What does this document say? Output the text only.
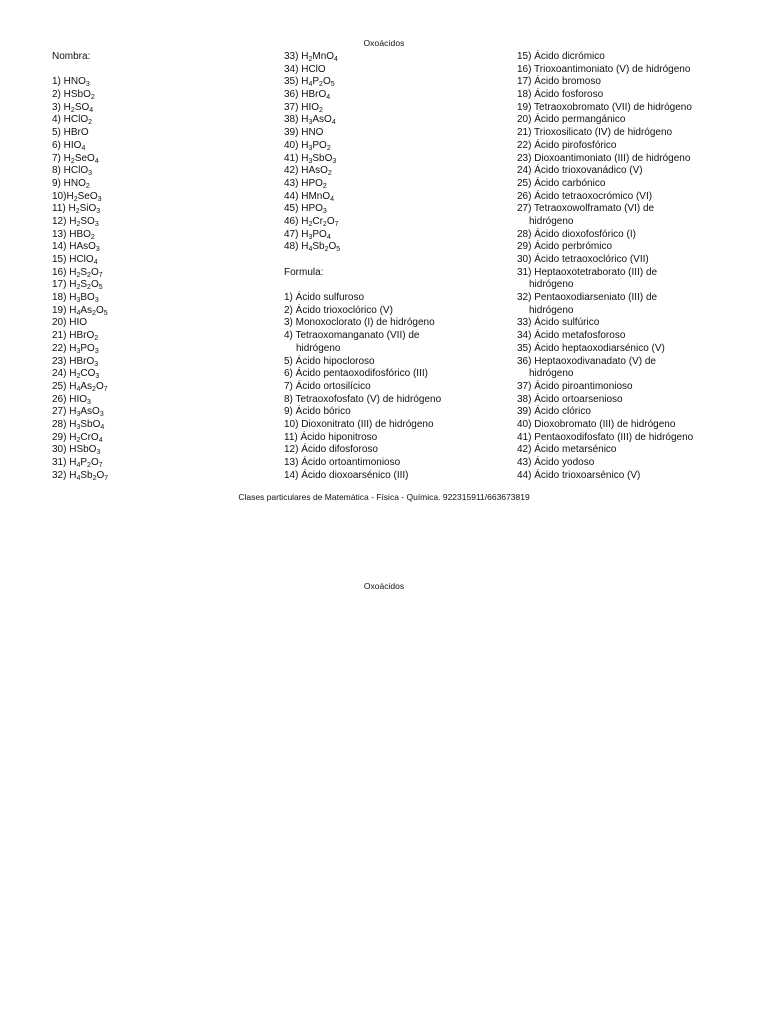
Oxoácidos
Nombra:
1) $HNO_3$
2) HSbO$_2$
3) $H_2SO_4$
4) HClO$_2$
5) HBrO
6) $HIO_4$
7) $H_2SeO_4$
8) HClO$_3$
9) $HNO_2$
$10)H_2SeO_3$
11) $H_2SiO_3$
12) $H_2SO_3$
13) $HBO_2$
14) HAsO$_3$
15) HClO$_4$
16) $H_2S_2O_7$
17) $H_2S_2O_5$
18) $H_3BO_3$
19) $H_4As_2O_5$
20) HIO
21) HBrO$_2$
22) $H_3PO_3$
23) HBrO$_3$
24) $H_2CO_3$
25) $H_4As_2O_7$
26) $HIO_3$
27) $H_3AsO_3$
28) $H_3SbO_4$
29) $H_2CrO_4$
30) HSbO$_3$
31) $H_4P_2O_7$
32) $H_4Sb_2O_7$
33) $H_2MnO_4$
34) HClO
35) $H_4P_2O_5$
36) HBrO$_4$
37) $HIO_2$
38) $H_3AsO_4$
39) HNO
40) $H_3PO_2$
41) $H_3SbO_3$
42) HAsO$_2$
43) $HPO_2$
44) HMnO$_4$
45) $HPO_3$
46) $H_2Cr_2O_7$
47) $H_3PO_4$
48) $H_4Sb_2O_5$
Formula:
1) Ácido sulfuroso
2) Ácido trioxoclórico (V)
3) Monoxoclorato (I) de hidrógeno
4) Tetraoxomanganato (VII) de
hidrógeno
5) Ácido hipocloroso
6) Ácido pentaoxodifosfórico (III)
7) Ácido ortosilícico
8) Tetraoxofosfato (V) de hidrógeno
9) Ácido bórico
10) Dioxonitrato (III) de hidrógeno
11) Ácido hiponitroso
12) Ácido difosforoso
13) Ácido ortoantimonioso
14) Ácido dioxoarsénico (III)
15) Ácido dicrómico
16) Trioxoantimoniato (V) de hidrógeno
17) Ácido bromoso
18) Ácido fosforoso
19) Tetraoxobromato (VII) de hidrógeno
20) Ácido permangánico
21) Trioxosilicato (IV) de hidrógeno
22) Ácido pirofosfórico
23) Dioxoantimoniato (III) de hidrógeno
24) Ácido trioxovanádico (V)
25) Ácido carbónico
26) Ácido tetraoxocrómico (VI)
27) Tetraoxowolframato (VI) de
hidrógeno
28) Ácido dioxofosfórico (I)
29) Ácido perbrómico
30) Ácido tetraoxoclórico (VII)
31) Heptaoxotetraborato (III) de
hidrógeno
32) Pentaoxodiarseniato (III) de
hidrógeno
33) Ácido sulfúrico
34) Ácido metafosforoso
35) Ácido heptaoxodiarsénico (V)
36) Heptaoxodivanadato (V) de
hidrógeno
37) Ácido piroantimonioso
38) Ácido ortoarsenioso
39) Ácido clórico
40) Dioxobromato (III) de hidrógeno
41) Pentaoxodifosfato (III) de hidrógeno
42) Ácido metarsénico
43) Ácido yodoso
44) Ácido trioxoarsénico (V)
Clases particulares de Matemática - Física - Química. 922315911/663673819
Oxoácidos
